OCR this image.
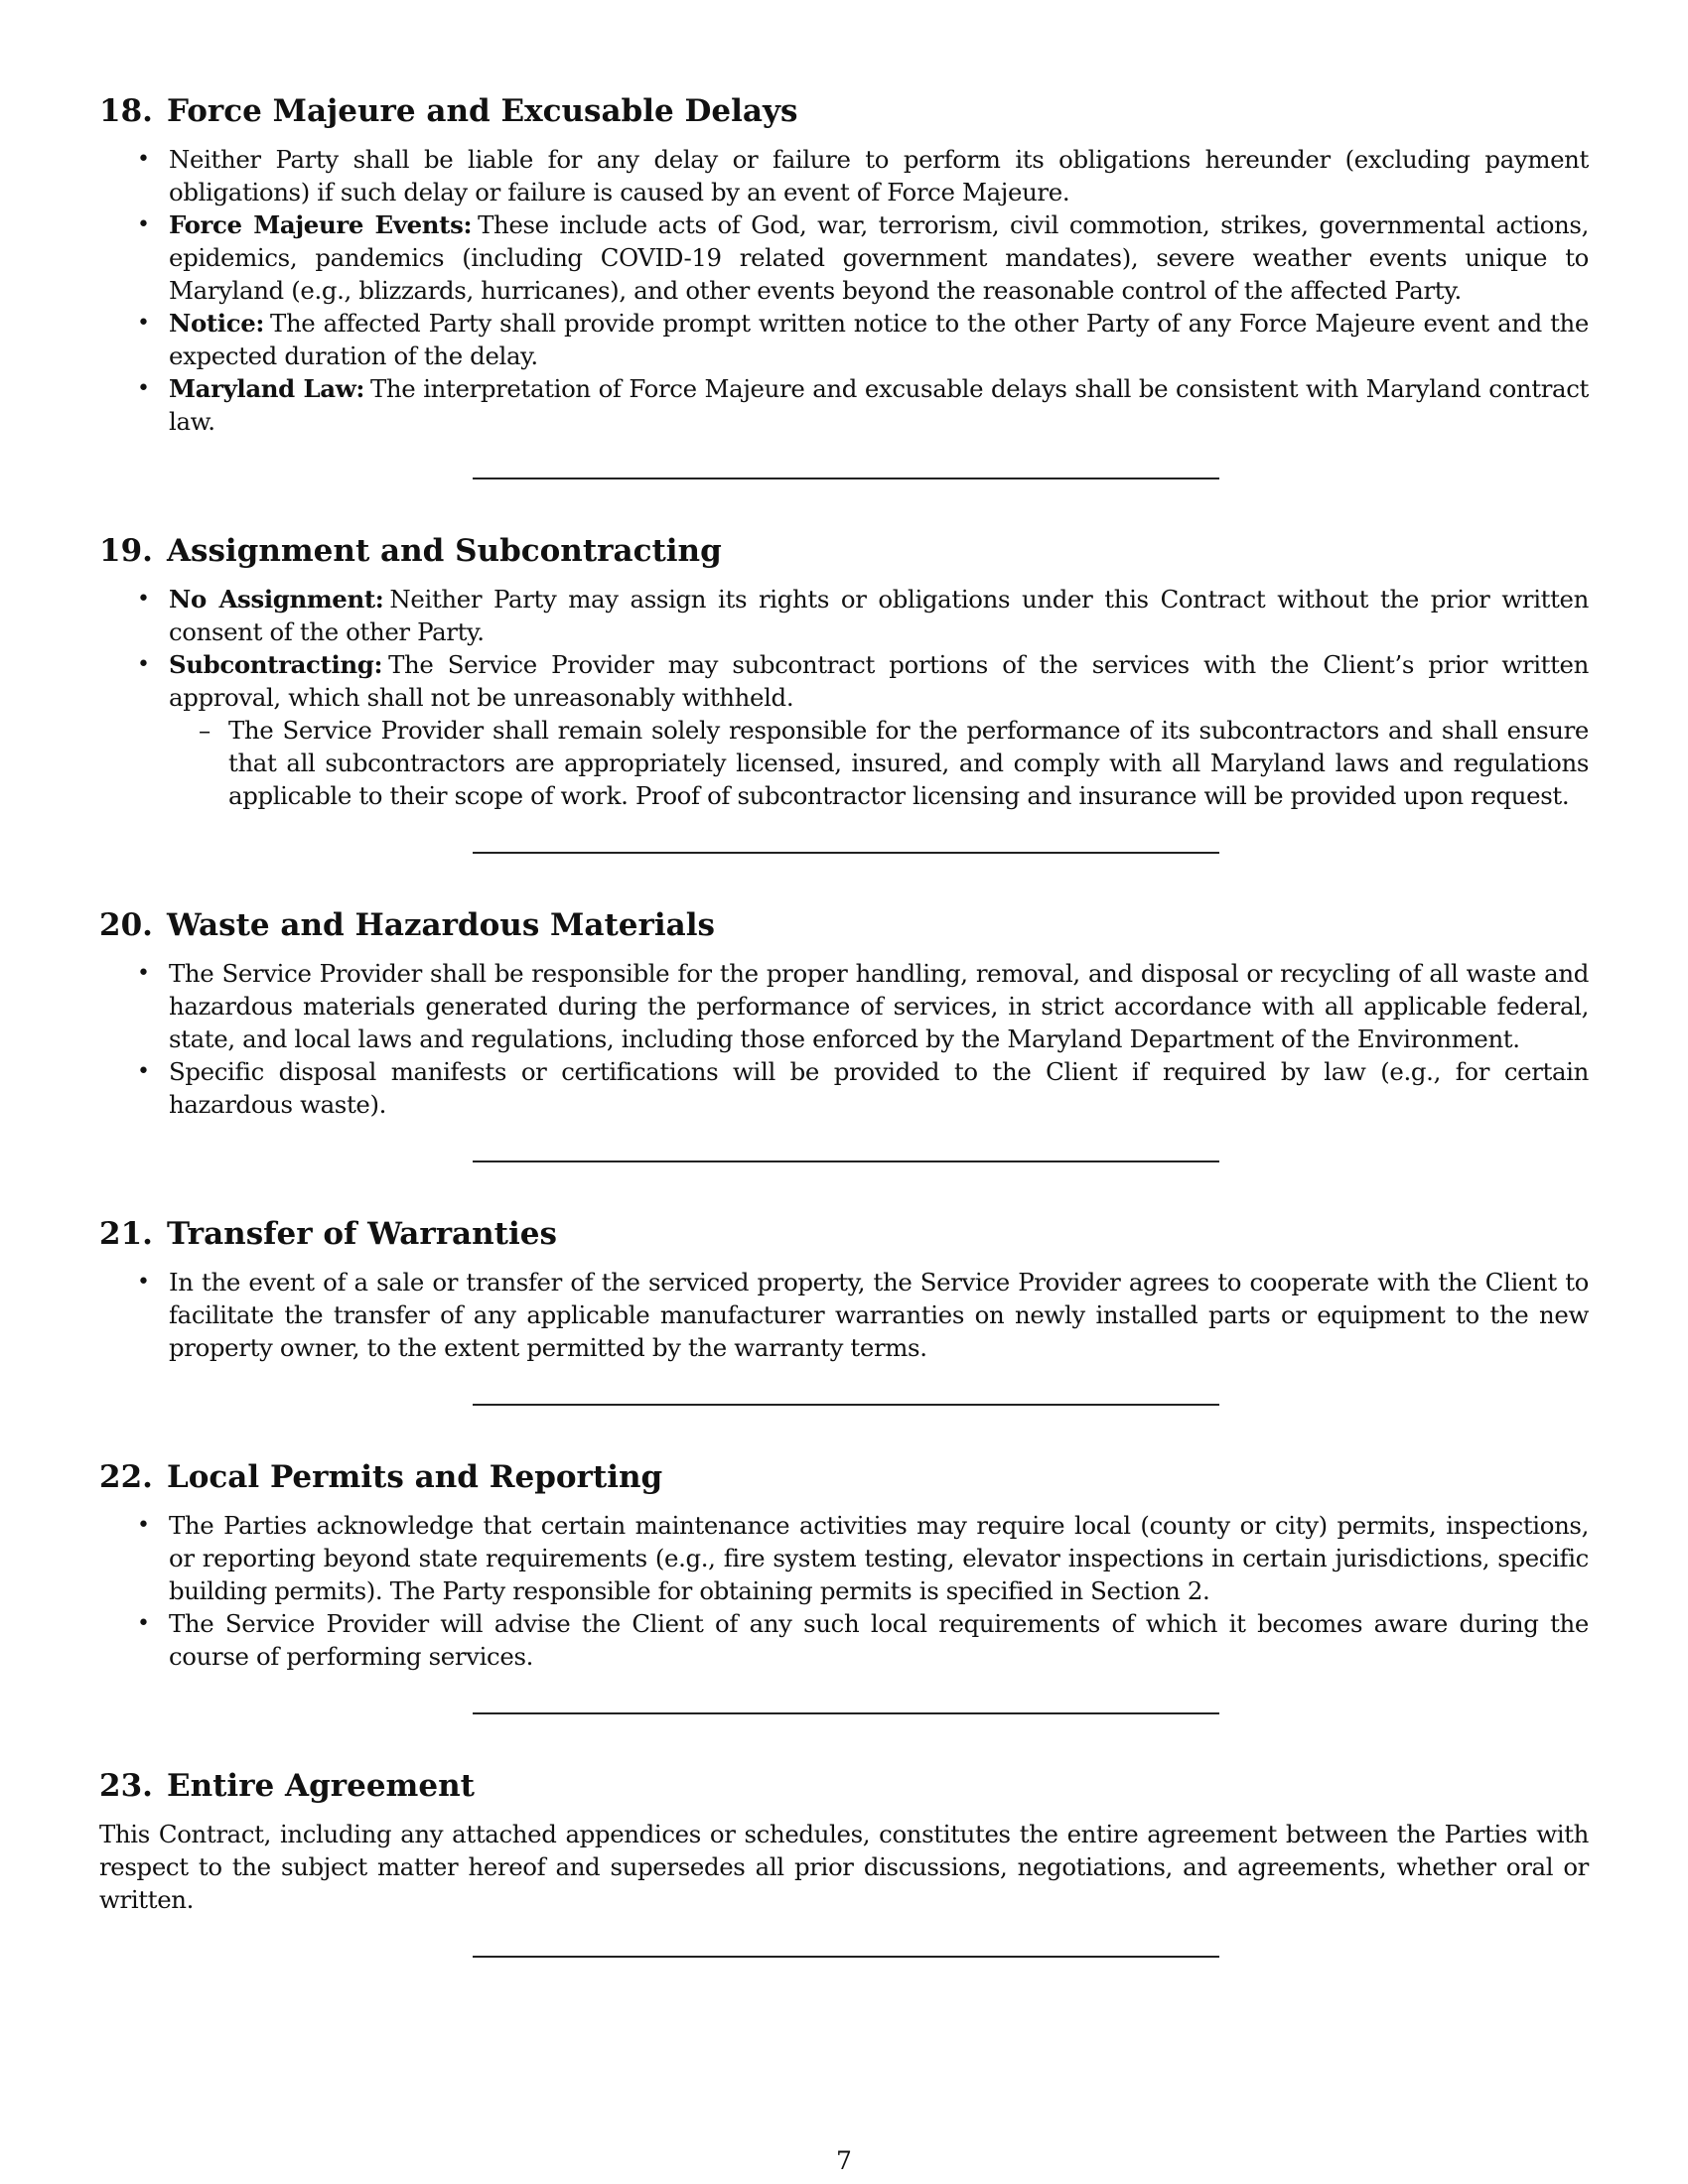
18. Force Majeure and Excusable Delays
• Neither Party shall be liable for any delay or failure to perform its obligations hereunder (excluding payment obligations) if such delay or failure is caused by an event of Force Majeure.
• Force Majeure Events: These include acts of God, war, terrorism, civil commotion, strikes, governmental actions, epidemics, pandemics (including COVID-19 related government mandates), severe weather events unique to Maryland (e.g., blizzards, hurricanes), and other events beyond the reasonable control of the affected Party.
• Notice: The affected Party shall provide prompt written notice to the other Party of any Force Majeure event and the expected duration of the delay.
• Maryland Law: The interpretation of Force Majeure and excusable delays shall be consistent with Maryland contract law.
19. Assignment and Subcontracting
• No Assignment: Neither Party may assign its rights or obligations under this Contract without the prior written consent of the other Party.
• Subcontracting: The Service Provider may subcontract portions of the services with the Client’s prior written approval, which shall not be unreasonably withheld.
– The Service Provider shall remain solely responsible for the performance of its subcontractors and shall ensure that all subcontractors are appropriately licensed, insured, and comply with all Maryland laws and regulations applicable to their scope of work. Proof of subcontractor licensing and insurance will be provided upon request.
20. Waste and Hazardous Materials
• The Service Provider shall be responsible for the proper handling, removal, and disposal or recycling of all waste and hazardous materials generated during the performance of services, in strict accordance with all applicable federal, state, and local laws and regulations, including those enforced by the Maryland Department of the Environment.
• Specific disposal manifests or certifications will be provided to the Client if required by law (e.g., for certain hazardous waste).
21. Transfer of Warranties
• In the event of a sale or transfer of the serviced property, the Service Provider agrees to cooperate with the Client to facilitate the transfer of any applicable manufacturer warranties on newly installed parts or equipment to the new property owner, to the extent permitted by the warranty terms.
22. Local Permits and Reporting
• The Parties acknowledge that certain maintenance activities may require local (county or city) permits, inspections, or reporting beyond state requirements (e.g., fire system testing, elevator inspections in certain jurisdictions, specific building permits). The Party responsible for obtaining permits is specified in Section 2.
• The Service Provider will advise the Client of any such local requirements of which it becomes aware during the course of performing services.
23. Entire Agreement

This Contract, including any attached appendices or schedules, constitutes the entire agreement between the Parties with respect to the subject matter hereof and supersedes all prior discussions, negotiations, and agreements, whether oral or written.

7
